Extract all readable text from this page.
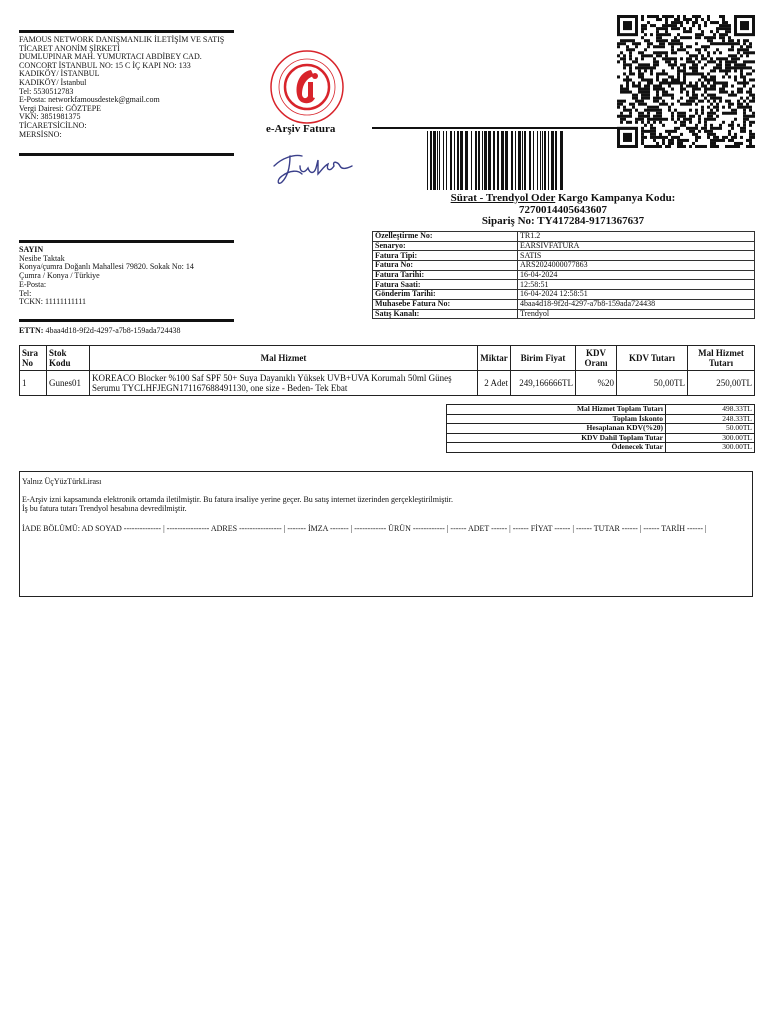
FAMOUS NETWORK DANIŞMANLIK İLETİŞİM VE SATIŞ
TİCARET ANONİM ŞİRKETİ
DUMLUPINAR MAH. YUMURTACI ABDİBEY CAD.
CONCORT İSTANBUL NO: 15 C İÇ KAPI NO: 133
KADIKÖY/ İSTANBUL
KADIKÖY/ İstanbul
Tel: 5530512783
E-Posta: networkfamousdestek@gmail.com
Vergi Dairesi: GÖZTEPE
VKN: 3851981375
TİCARETSİCİLNO:
MERSİSNO:	e-Arşiv Fatura
Sürat - Trendyol Oder Kargo Kampanya Kodu:
7270014405643607
Sipariş No: TY417284-9171367637
Özelleştirme No:	TR1.2
Senaryo:	EARSIVFATURA
Fatura Tipi:	SATIS
Fatura No:	ARS2024000077863
Fatura Tarihi:	16-04-2024
Fatura Saati:	12:58:51
Gönderim Tarihi:	16-04-2024 12:58:51
Muhasebe Fatura No:	4baa4d18-9f2d-4297-a7b8-159ada724438
Satış Kanalı:	Trendyol
SAYIN
Nesibe Taktak
Konya/çumra Doğanlı Mahallesi 79820. Sokak No: 14
Çumra / Konya / Türkiye
E-Posta:
Tel:
TCKN: 11111111111
ETTN: 4baa4d18-9f2d-4297-a7b8-159ada724438
Sıra No	Stok Kodu	Mal Hizmet	Miktar	Birim Fiyat	KDV Oranı	KDV Tutarı	Mal Hizmet Tutarı
1	Gunes01	KOREACO Blocker %100 Saf SPF 50+ Suya Dayanıklı Yüksek UVB+UVA Korumalı 50ml Güneş Serumu TYCLHFJEGN171167688491130, one size - Beden- Tek Ebat	2 Adet	249,166666TL	%20	50,00TL	250,00TL
Mal Hizmet Toplam Tutarı	498.33TL
Toplam İskonto	248.33TL
Hesaplanan KDV(%20)	50.00TL
KDV Dahil Toplam Tutar	300.00TL
Ödenecek Tutar	300.00TL

Yalnız ÜçYüzTürkLirası

E-Arşiv izni kapsamında elektronik ortamda iletilmiştir. Bu fatura irsaliye yerine geçer. Bu satış internet üzerinden gerçekleştirilmiştir.

İş bu fatura tutarı Trendyol hesabına devredilmiştir.

İADE BÖLÜMÜ: AD SOYAD -------------- | ---------------- ADRES ---------------- | ------- İMZA ------- | ------------ ÜRÜN ------------ | ------ ADET ------ | ------ FİYAT ------ | ------ TUTAR ------ | ------ TARİH ------ |
